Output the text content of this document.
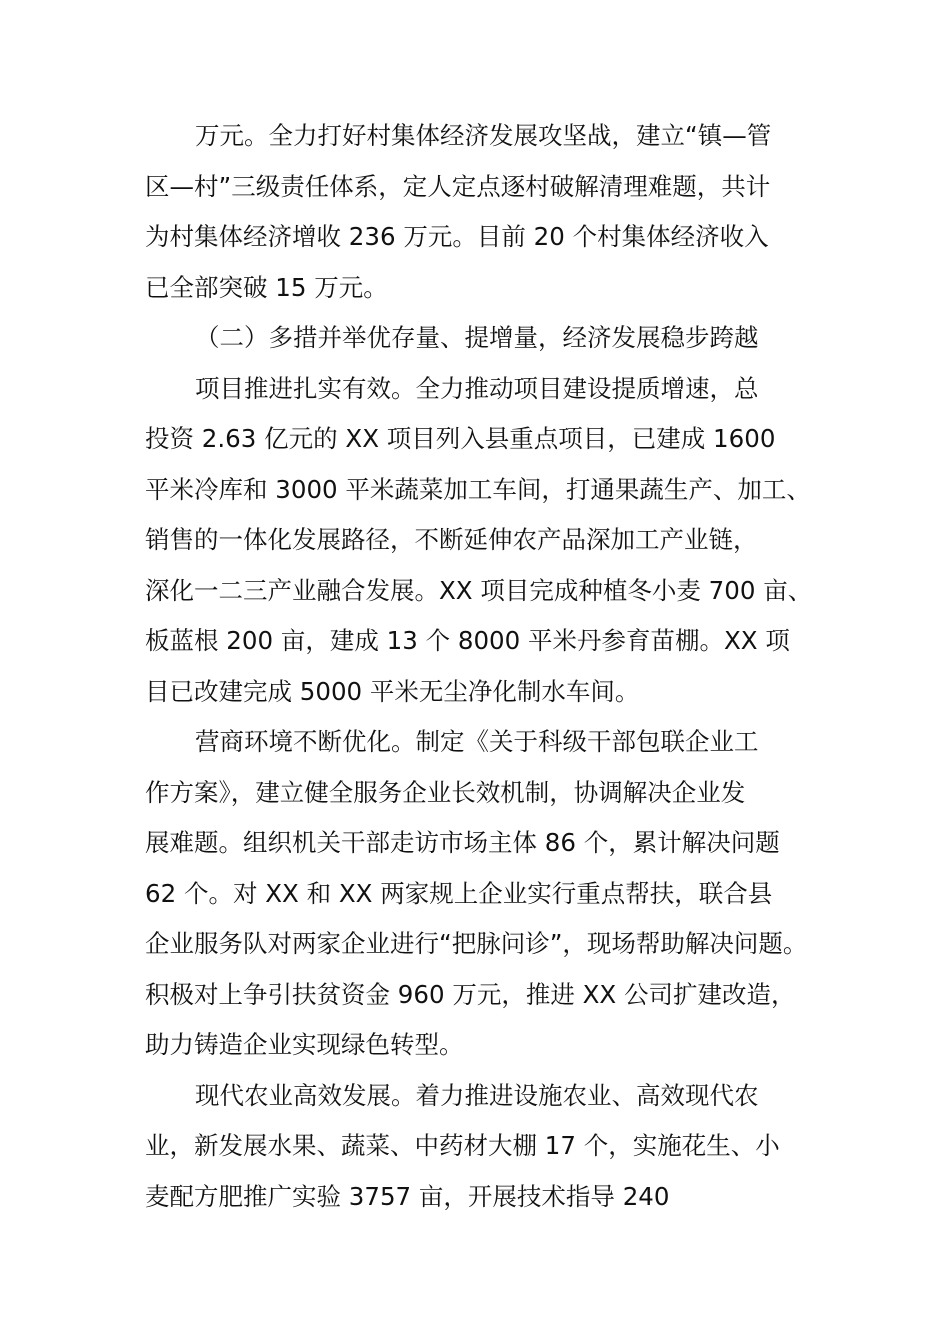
万元。全力打好村集体经济发展攻坚战，建立“镇—管
区—村”三级责任体系，定人定点逐村破解清理难题，共计
为村集体经济增收 236 万元。目前 20 个村集体经济收入
已全部突破 15 万元。
（二）多措并举优存量、提增量，经济发展稳步跨越
项目推进扎实有效。全力推动项目建设提质增速，总
投资 2.63 亿元的 XX 项目列入县重点项目，已建成 1600
平米冷库和 3000 平米蔬菜加工车间，打通果蔬生产、加工、
销售的一体化发展路径，不断延伸农产品深加工产业链，
深化一二三产业融合发展。XX 项目完成种植冬小麦 700 亩、
板蓝根 200 亩，建成 13 个 8000 平米丹参育苗棚。XX 项
目已改建完成 5000 平米无尘净化制水车间。
营商环境不断优化。制定《关于科级干部包联企业工
作方案》，建立健全服务企业长效机制，协调解决企业发
展难题。组织机关干部走访市场主体 86 个，累计解决问题
62 个。对 XX 和 XX 两家规上企业实行重点帮扶，联合县
企业服务队对两家企业进行“把脉问诊”，现场帮助解决问题。
积极对上争引扶贫资金 960 万元，推进 XX 公司扩建改造，
助力铸造企业实现绿色转型。
现代农业高效发展。着力推进设施农业、高效现代农
业，新发展水果、蔬菜、中药材大棚 17 个，实施花生、小
麦配方肥推广实验 3757 亩，开展技术指导 240
